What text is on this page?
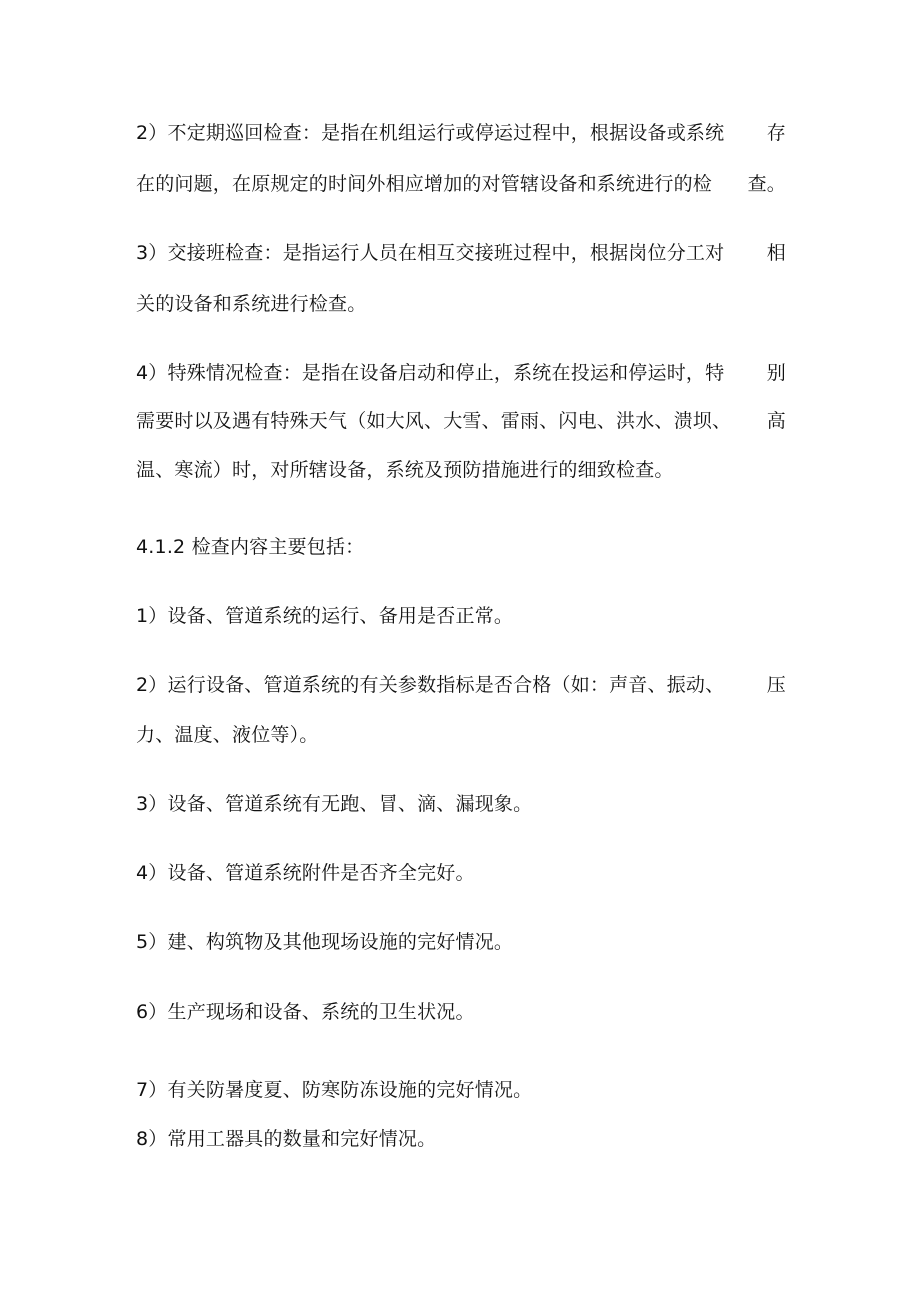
2）不定期巡回检查：是指在机组运行或停运过程中，根据设备或系统 存
在的问题，在原规定的时间外相应增加的对管辖设备和系统进行的检 查。
3）交接班检查：是指运行人员在相互交接班过程中，根据岗位分工对 相
关的设备和系统进行检查。
4）特殊情况检查：是指在设备启动和停止，系统在投运和停运时，特 别
需要时以及遇有特殊天气（如大风、大雪、雷雨、闪电、洪水、溃坝、 高
温、寒流）时，对所辖设备，系统及预防措施进行的细致检查。
4.1.2 检查内容主要包括：
1）设备、管道系统的运行、备用是否正常。
2）运行设备、管道系统的有关参数指标是否合格（如：声音、振动、 压
力、温度、液位等）。
3）设备、管道系统有无跑、冒、滴、漏现象。
4）设备、管道系统附件是否齐全完好。
5）建、构筑物及其他现场设施的完好情况。
6）生产现场和设备、系统的卫生状况。
7）有关防暑度夏、防寒防冻设施的完好情况。
8）常用工器具的数量和完好情况。
